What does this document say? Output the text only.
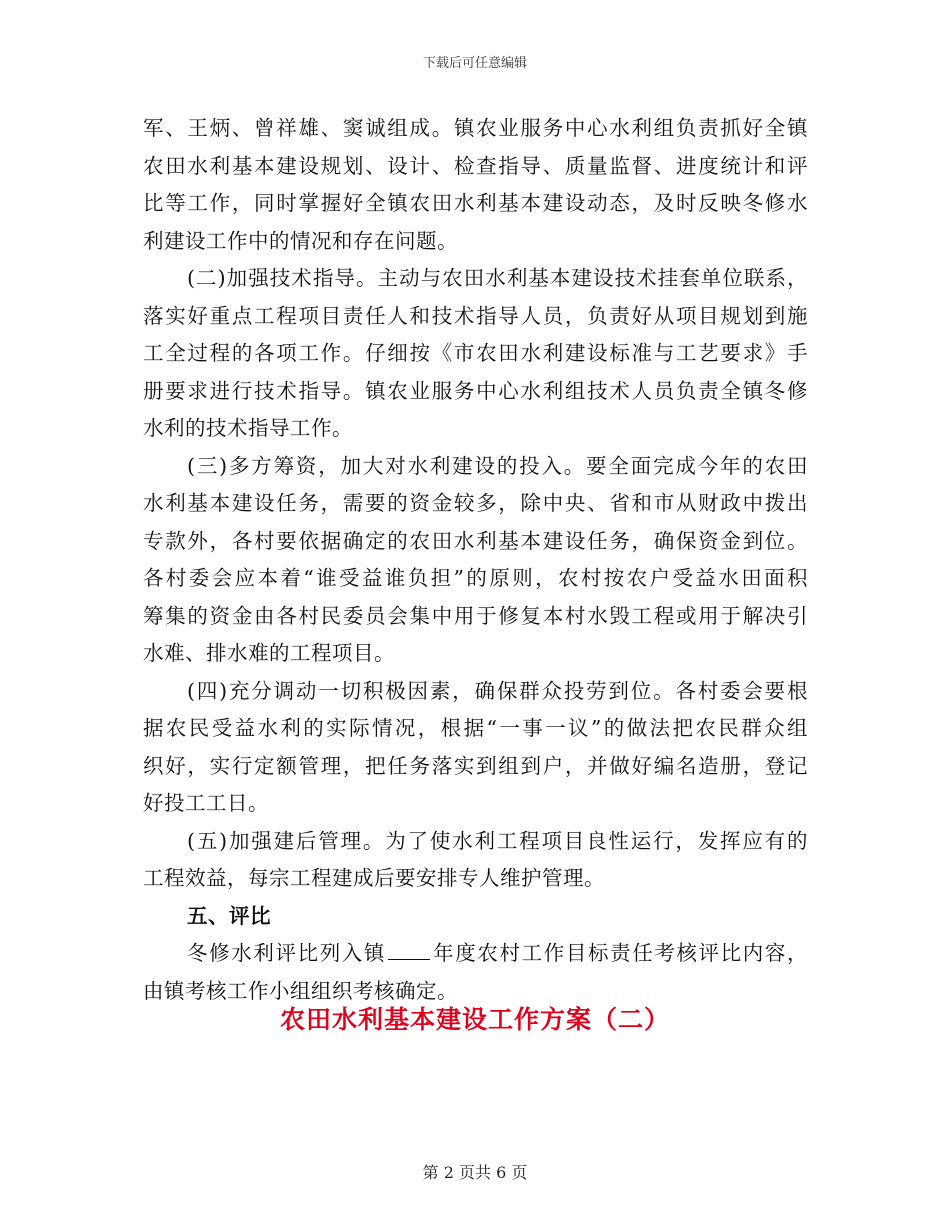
下载后可任意编辑
军、王炳、曾祥雄、窦诚组成。镇农业服务中心水利组负责抓好全镇
农田水利基本建设规划、设计、检查指导、质量监督、进度统计和评
比等工作，同时掌握好全镇农田水利基本建设动态，及时反映冬修水
利建设工作中的情况和存在问题。
(二)加强技术指导。主动与农田水利基本建设技术挂套单位联系，
落实好重点工程项目责任人和技术指导人员，负责好从项目规划到施
工全过程的各项工作。仔细按《市农田水利建设标准与工艺要求》手
册要求进行技术指导。镇农业服务中心水利组技术人员负责全镇冬修
水利的技术指导工作。
(三)多方筹资，加大对水利建设的投入。要全面完成今年的农田
水利基本建设任务，需要的资金较多，除中央、省和市从财政中拨出
专款外，各村要依据确定的农田水利基本建设任务，确保资金到位。
各村委会应本着“谁受益谁负担”的原则，农村按农户受益水田面积
筹集的资金由各村民委员会集中用于修复本村水毁工程或用于解决引
水难、排水难的工程项目。
(四)充分调动一切积极因素，确保群众投劳到位。各村委会要根
据农民受益水利的实际情况，根据“一事一议”的做法把农民群众组
织好，实行定额管理，把任务落实到组到户，并做好编名造册，登记
好投工工日。
(五)加强建后管理。为了使水利工程项目良性运行，发挥应有的
工程效益，每宗工程建成后要安排专人维护管理。
五、评比
冬修水利评比列入镇 年度农村工作目标责任考核评比内容，
由镇考核工作小组组织考核确定。
农田水利基本建设工作方案（二）
第 2 页共 6 页
